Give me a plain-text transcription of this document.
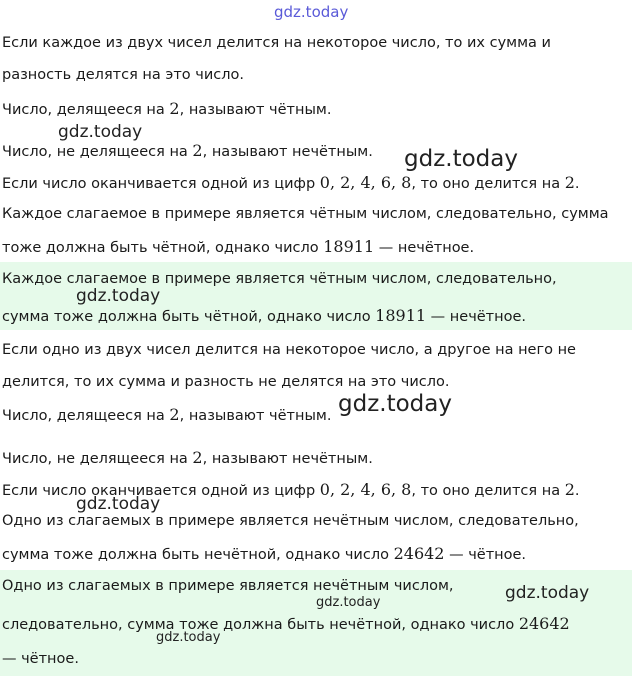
Если каждое из двух чисел делится на некоторое число, то их сумма и
разность делятся на это число.
Число, делящееся на 2, называют чётным.
Число, не делящееся на 2, называют нечётным.
Если число оканчивается одной из цифр 0, 2, 4, 6, 8, то оно делится на 2.
Каждое слагаемое в примере является чётным числом, следовательно, сумма
тоже должна быть чётной, однако число 18911 — нечётное.
Каждое слагаемое в примере является чётным числом, следовательно,
сумма тоже должна быть чётной, однако число 18911 — нечётное.
Если одно из двух чисел делится на некоторое число, а другое на него не
делится, то их сумма и разность не делятся на это число.
Число, делящееся на 2, называют чётным.
Число, не делящееся на 2, называют нечётным.
Если число оканчивается одной из цифр 0, 2, 4, 6, 8, то оно делится на 2.
Одно из слагаемых в примере является нечётным числом, следовательно,
сумма тоже должна быть нечётной, однако число 24642 — чётное.
Одно из слагаемых в примере является нечётным числом,
следовательно, сумма тоже должна быть нечётной, однако число 24642
— чётное.
gdz.today
gdz.today
gdz.today
gdz.today
gdz.today
gdz.today
gdz.today
gdz.today
gdz.today
